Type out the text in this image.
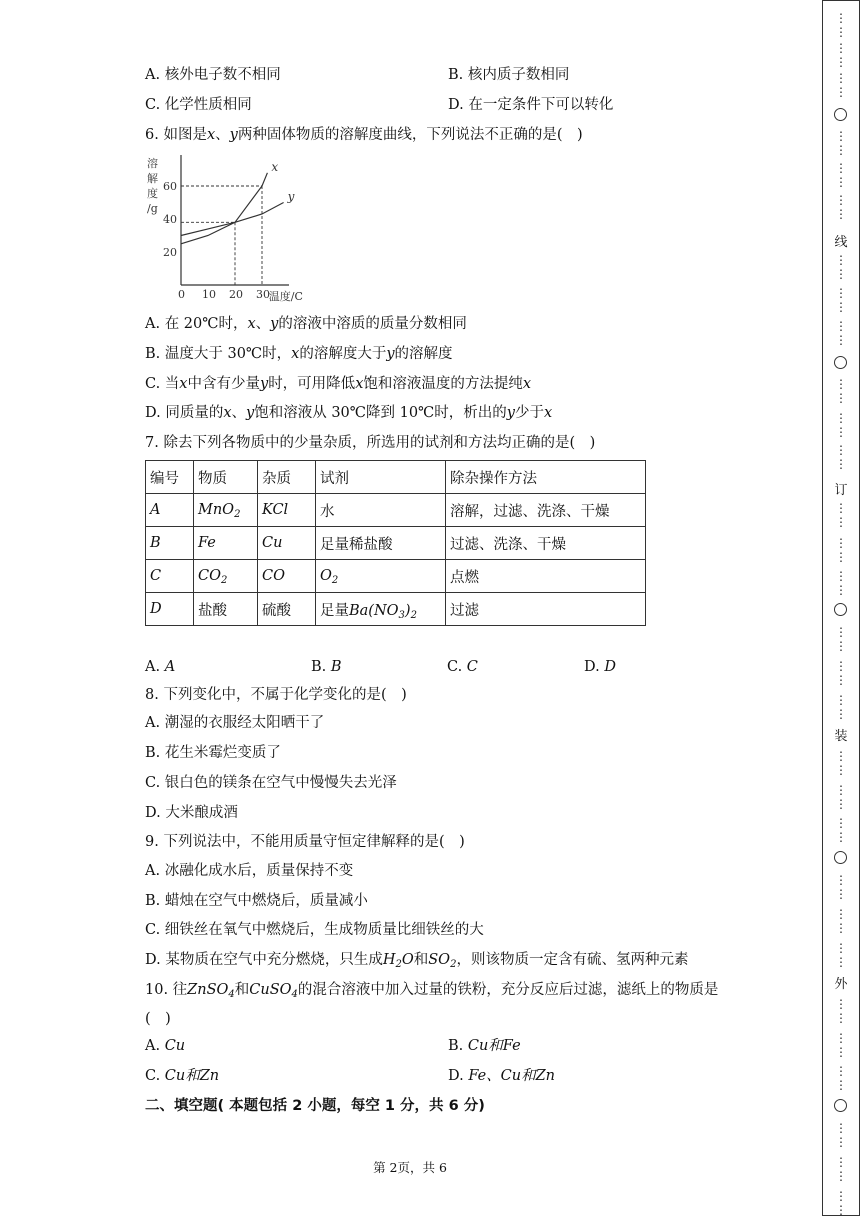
A. 核外电子数不相同	B. 核内质子数相同
C. 化学性质相同	D. 在一定条件下可以转化
6. 如图是x、y两种固体物质的溶解度曲线，下列说法不正确的是( )
溶
解
度
/g
温度/C
0 10 20 30
20
40
60
x
y
A. 在 20℃时，x、y的溶液中溶质的质量分数相同
B. 温度大于 30℃时，x的溶解度大于y的溶解度
C. 当x中含有少量y时，可用降低x饱和溶液温度的方法提纯x
D. 同质量的x、y饱和溶液从 30℃降到 10℃时，析出的y少于x
7. 除去下列各物质中的少量杂质，所选用的试剂和方法均正确的是( )
编号	物质	杂质	试剂	除杂操作方法
A	MnO$_2$	KCl	水	溶解，过滤、洗涤、干燥
B	Fe	Cu	足量稀盐酸	过滤、洗涤、干燥
C	$CO_2$	CO	$O_2$	点燃
D	盐酸	硫酸	足量$Ba(NO_3)_2$	过滤
A. A	B. B	C. C	D. D
8. 下列变化中，不属于化学变化的是( )
A. 潮湿的衣服经太阳晒干了
B. 花生米霉烂变质了
C. 银白色的镁条在空气中慢慢失去光泽
D. 大米酿成酒
9. 下列说法中，不能用质量守恒定律解释的是( )
A. 冰融化成水后，质量保持不变
B. 蜡烛在空气中燃烧后，质量减小
C. 细铁丝在氧气中燃烧后，生成物质量比细铁丝的大
D. 某物质在空气中充分燃烧，只生成$H_2O$和$SO_2$，则该物质一定含有硫、氢两种元素
10. 往ZnSO$_4$和CuSO$_4$的混合溶液中加入过量的铁粉，充分反应后过滤，滤纸上的物质是
( )
A. Cu	B. Cu和Fe
C. Cu和Zn	D. Fe、Cu和Zn
二、填空题( 本题包括 2 小题，每空 1 分，共 6 分)
第 2页，共 6
⋮
⋮
⋮
⋮
⋮
⋮
⋮
⋮
⋮
⋮
⋮
⋮
线
⋮
⋮
⋮
⋮
⋮
⋮
⋮
⋮
⋮
⋮
⋮
⋮
订
⋮
⋮
⋮
⋮
⋮
⋮
⋮
⋮
⋮
⋮
⋮
⋮
装
⋮
⋮
⋮
⋮
⋮
⋮
⋮
⋮
⋮
⋮
⋮
⋮
外
⋮
⋮
⋮
⋮
⋮
⋮
⋮
⋮
⋮
⋮
⋮
⋮
